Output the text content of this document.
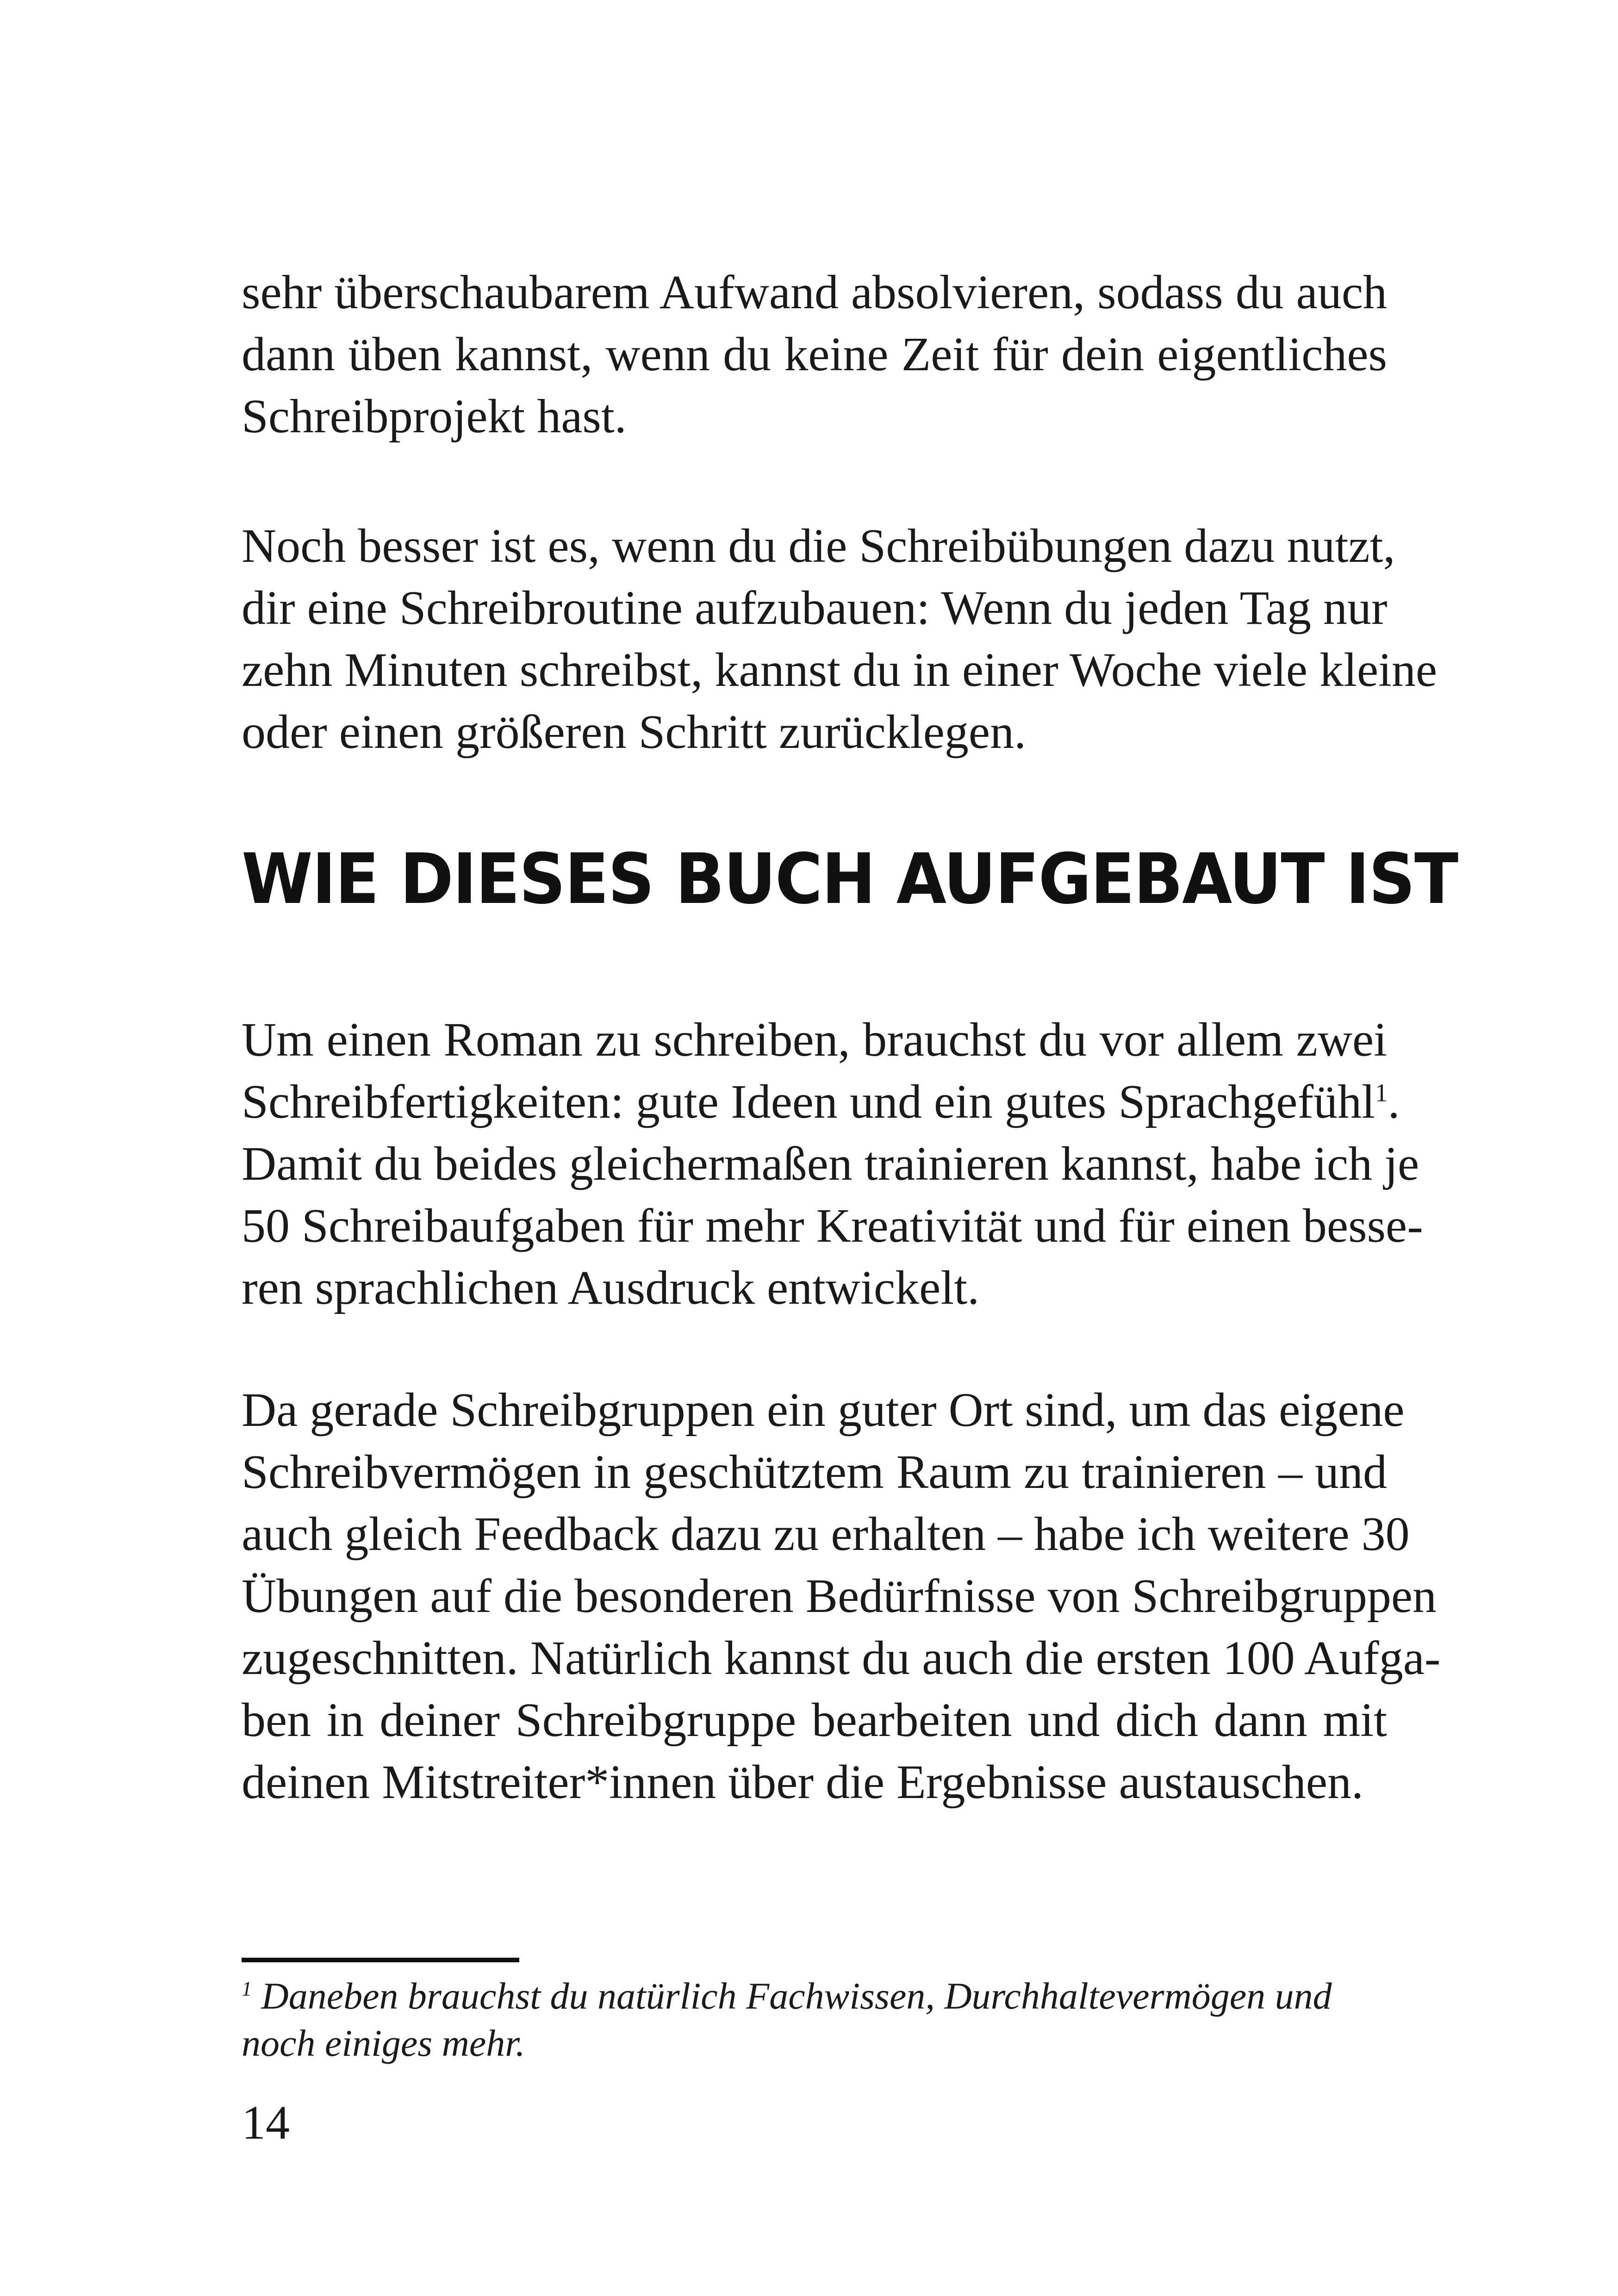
sehr überschaubarem Aufwand absolvieren, sodass du auch
dann üben kannst, wenn du keine Zeit für dein eigentliches
Schreibprojekt hast.

Noch besser ist es, wenn du die Schreibübungen dazu nutzt,
dir eine Schreibroutine aufzubauen: Wenn du jeden Tag nur
zehn Minuten schreibst, kannst du in einer Woche viele kleine
oder einen größeren Schritt zurücklegen.

WIE DIESES BUCH AUFGEBAUT IST

Um einen Roman zu schreiben, brauchst du vor allem zwei
Schreibfertigkeiten: gute Ideen und ein gutes Sprachgefühl$^1$.
Damit du beides gleichermaßen trainieren kannst, habe ich je
50 Schreibaufgaben für mehr Kreativität und für einen besse-
ren sprachlichen Ausdruck entwickelt.

Da gerade Schreibgruppen ein guter Ort sind, um das eigene
Schreibvermögen in geschütztem Raum zu trainieren – und
auch gleich Feedback dazu zu erhalten – habe ich weitere 30
Übungen auf die besonderen Bedürfnisse von Schreibgruppen
zugeschnitten. Natürlich kannst du auch die ersten 100 Aufga-
ben in deiner Schreibgruppe bearbeiten und dich dann mit
deinen Mitstreiter*innen über die Ergebnisse austauschen.

$^1$ Daneben brauchst du natürlich Fachwissen, Durchhaltevermögen und
noch einiges mehr.

14
